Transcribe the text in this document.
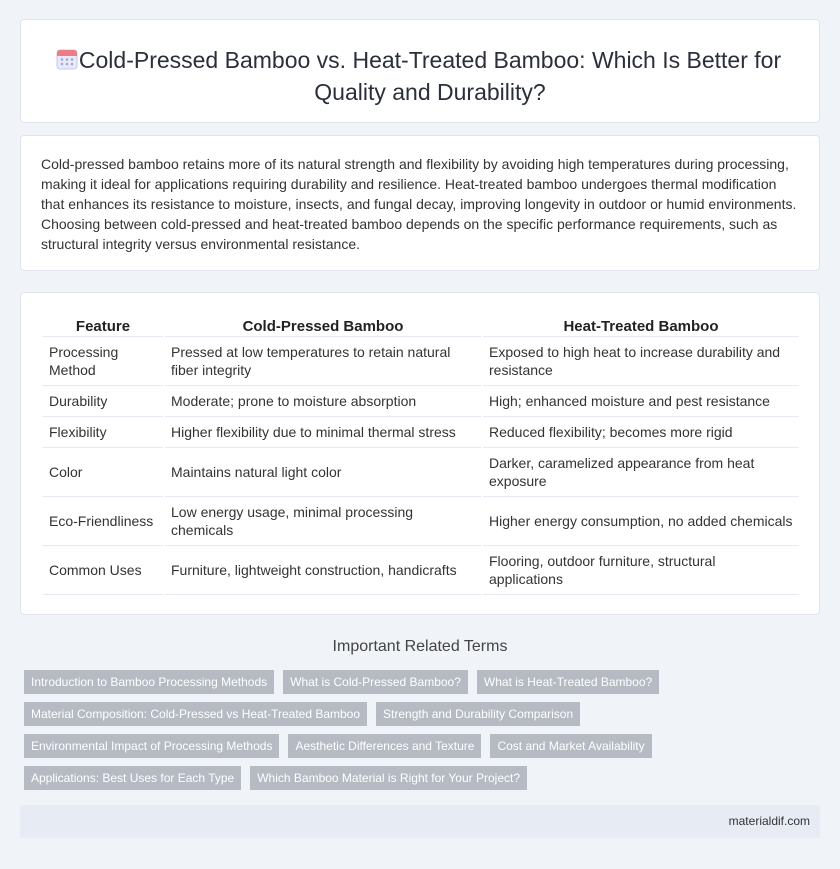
Cold-Pressed Bamboo vs. Heat-Treated Bamboo: Which Is Better for Quality and Durability?

Cold-pressed bamboo retains more of its natural strength and flexibility by avoiding high temperatures during processing, making it ideal for applications requiring durability and resilience. Heat-treated bamboo undergoes thermal modification that enhances its resistance to moisture, insects, and fungal decay, improving longevity in outdoor or humid environments. Choosing between cold-pressed and heat-treated bamboo depends on the specific performance requirements, such as structural integrity versus environmental resistance.

Feature	Cold-Pressed Bamboo	Heat-Treated Bamboo
Processing Method	Pressed at low temperatures to retain natural fiber integrity	Exposed to high heat to increase durability and resistance
Durability	Moderate; prone to moisture absorption	High; enhanced moisture and pest resistance
Flexibility	Higher flexibility due to minimal thermal stress	Reduced flexibility; becomes more rigid
Color	Maintains natural light color	Darker, caramelized appearance from heat exposure
Eco-Friendliness	Low energy usage, minimal processing chemicals	Higher energy consumption, no added chemicals
Common Uses	Furniture, lightweight construction, handicrafts	Flooring, outdoor furniture, structural applications
Important Related Terms
Introduction to Bamboo Processing Methods	What is Cold-Pressed Bamboo?	What is Heat-Treated Bamboo?
Material Composition: Cold-Pressed vs Heat-Treated Bamboo	Strength and Durability Comparison
Environmental Impact of Processing Methods	Aesthetic Differences and Texture	Cost and Market Availability
Applications: Best Uses for Each Type	Which Bamboo Material is Right for Your Project?
materialdif.com
